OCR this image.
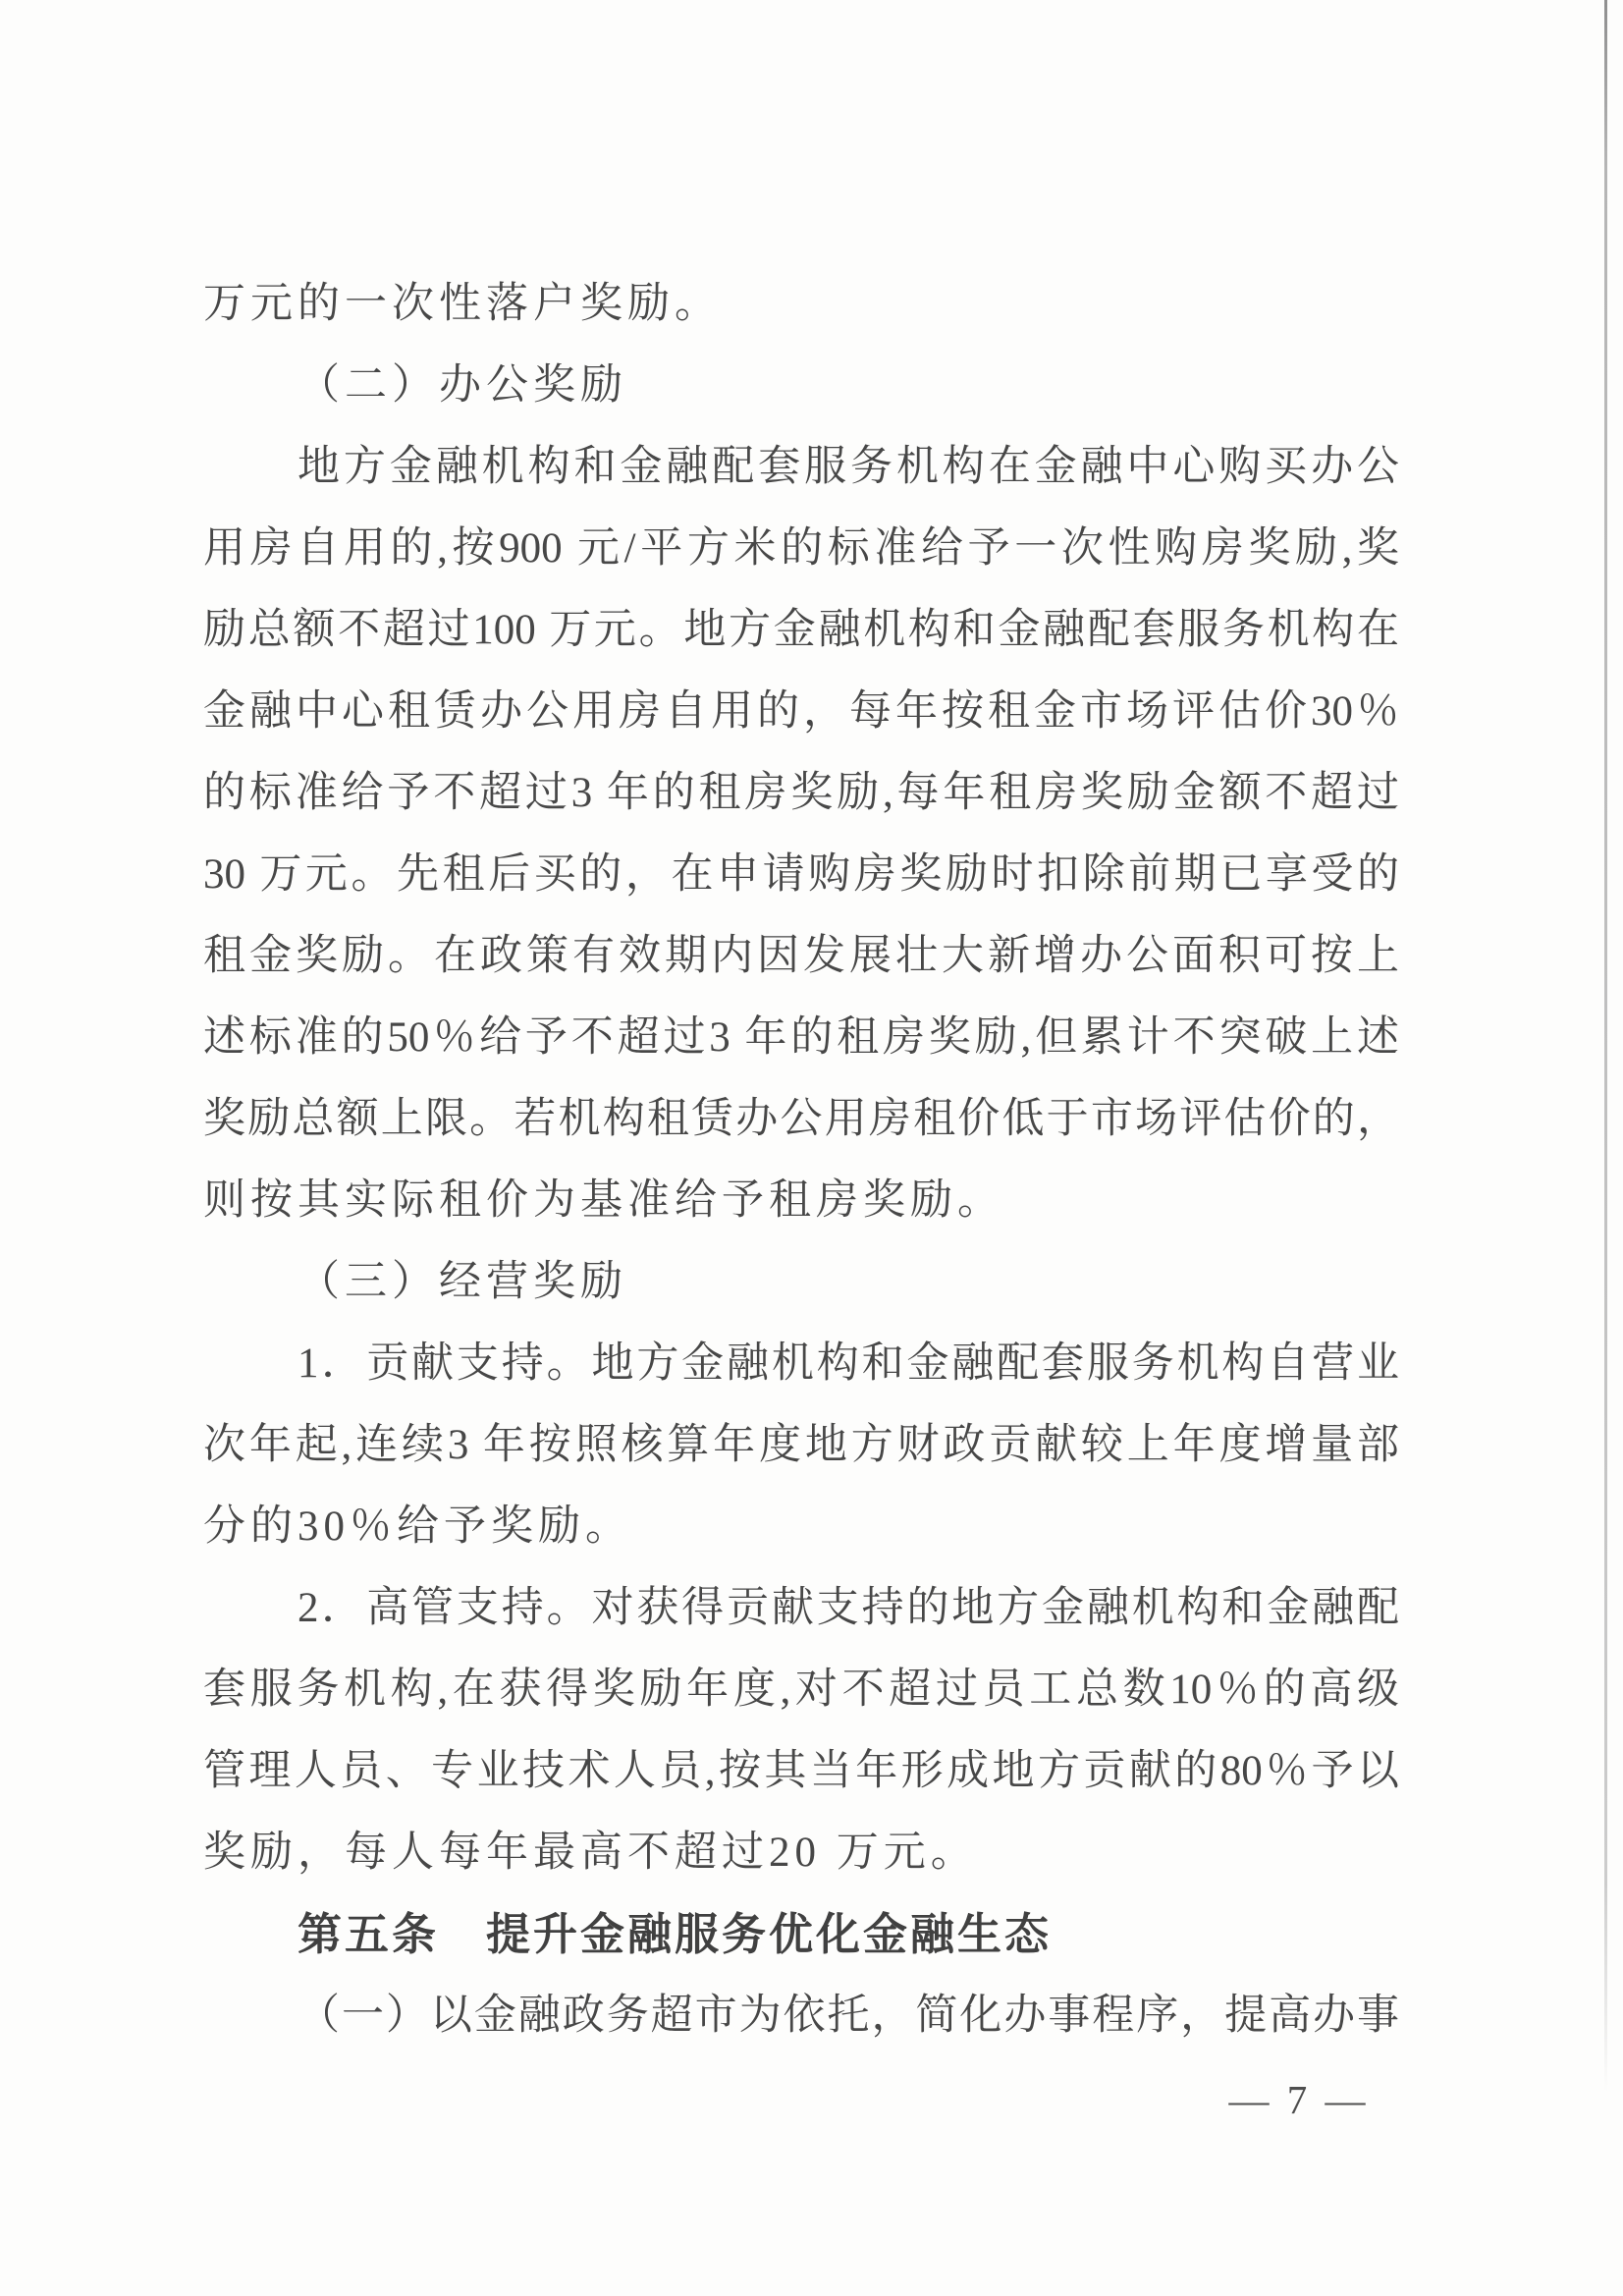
万元的一次性落户奖励。
（二）办公奖励
地方金融机构和金融配套服务机构在金融中心购买办公
用房自用的,按900 元/平方米的标准给予一次性购房奖励,奖
励总额不超过100 万元。地方金融机构和金融配套服务机构在
金融中心租赁办公用房自用的，每年按租金市场评估价30％
的标准给予不超过3 年的租房奖励,每年租房奖励金额不超过
30 万元。先租后买的，在申请购房奖励时扣除前期已享受的
租金奖励。在政策有效期内因发展壮大新增办公面积可按上
述标准的50％给予不超过3 年的租房奖励,但累计不突破上述
奖励总额上限。若机构租赁办公用房租价低于市场评估价的，
则按其实际租价为基准给予租房奖励。
（三）经营奖励
1．贡献支持。地方金融机构和金融配套服务机构自营业
次年起,连续3 年按照核算年度地方财政贡献较上年度增量部
分的30％给予奖励。
2．高管支持。对获得贡献支持的地方金融机构和金融配
套服务机构,在获得奖励年度,对不超过员工总数10％的高级
管理人员、专业技术人员,按其当年形成地方贡献的80％予以
奖励，每人每年最高不超过20 万元。
第五条　提升金融服务优化金融生态
（一）以金融政务超市为依托，简化办事程序，提高办事
— 7 —
